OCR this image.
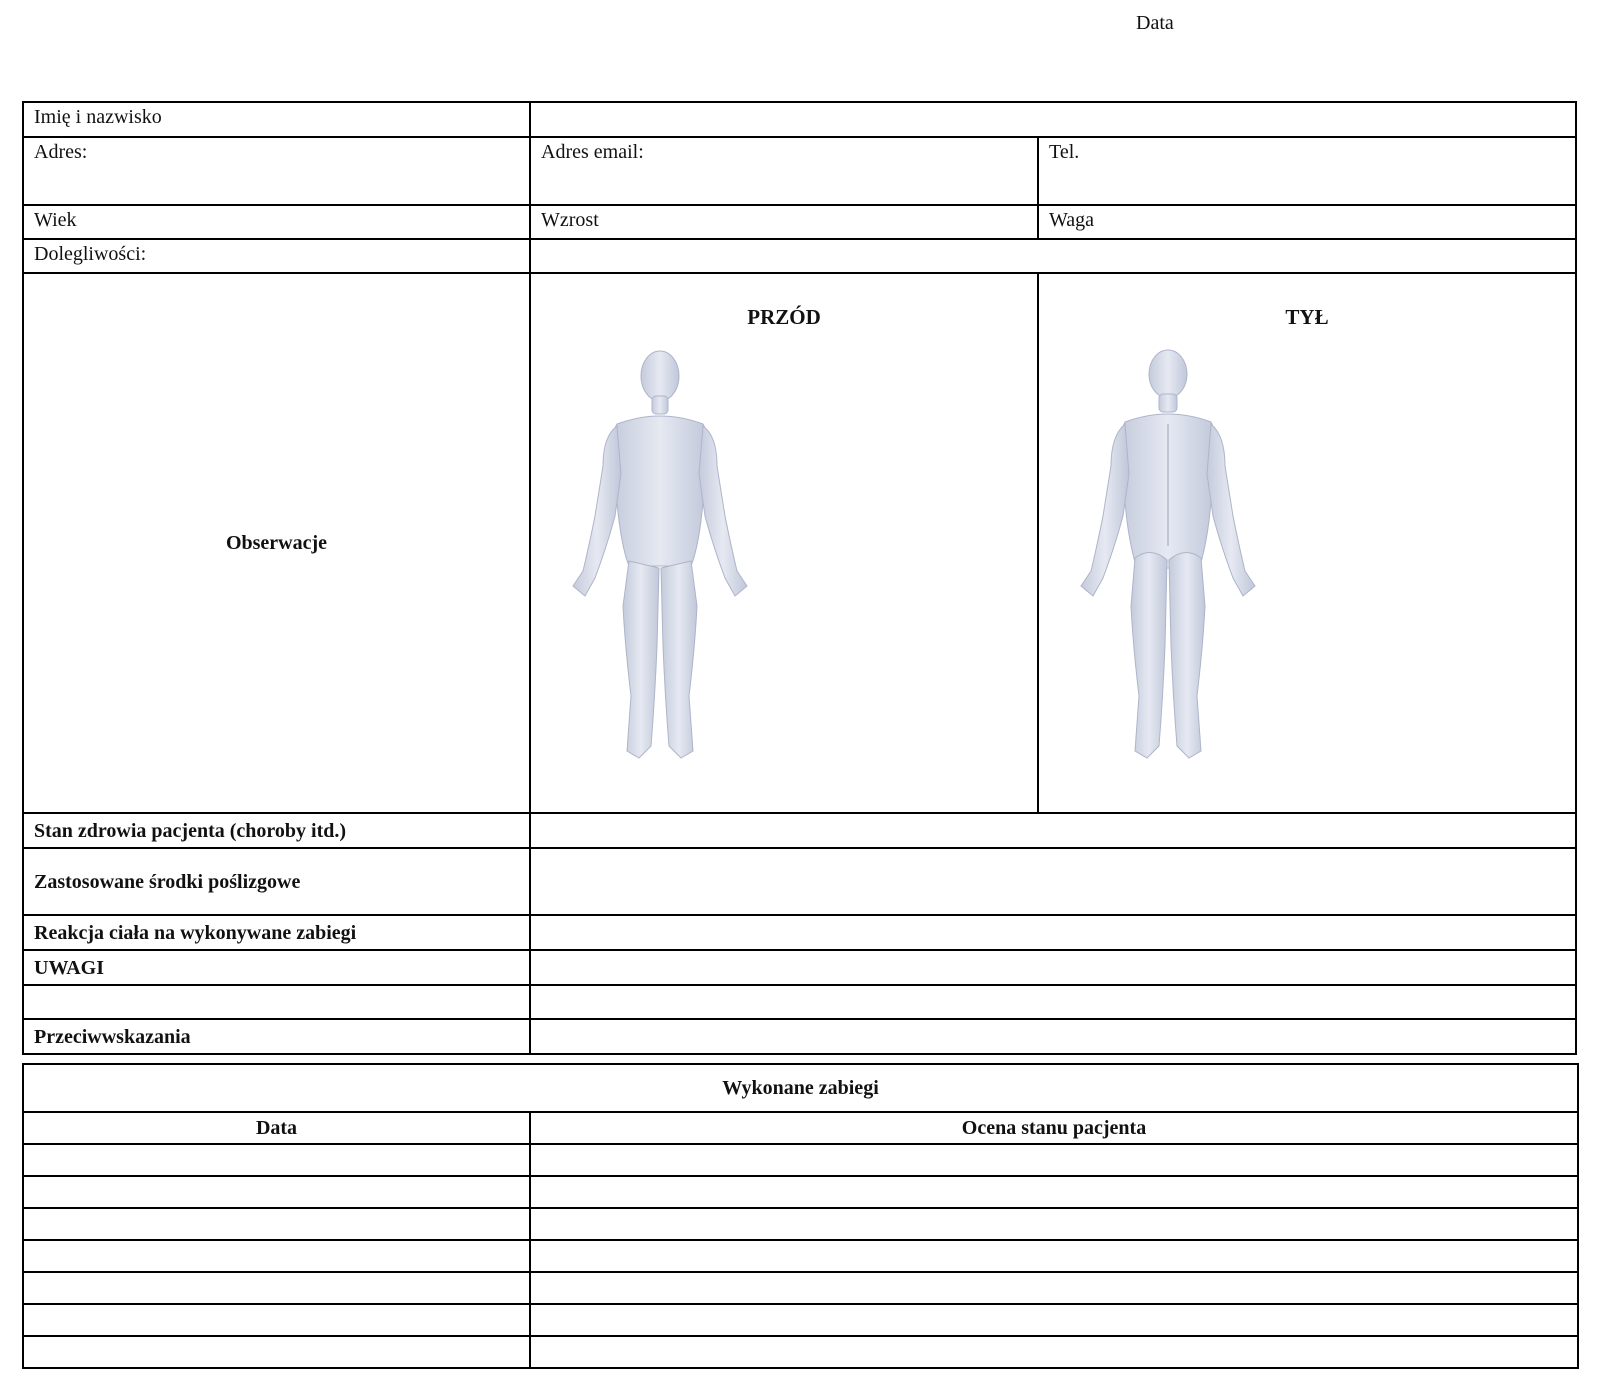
Data
Imię i nazwisko		
Adres:	Adres email:	Tel.
Wiek	Wzrost	Waga
Dolegliwości:		
Obserwacje	PRZÓD	TYŁ

Stan zdrowia pacjenta (choroby itd.)		
Zastosowane środki poślizgowe		
Reakcja ciała na wykonywane zabiegi		
UWAGI		

Przeciwwskazania		
Wykonane zabiegi	
Data	Ocena stanu pacjenta
